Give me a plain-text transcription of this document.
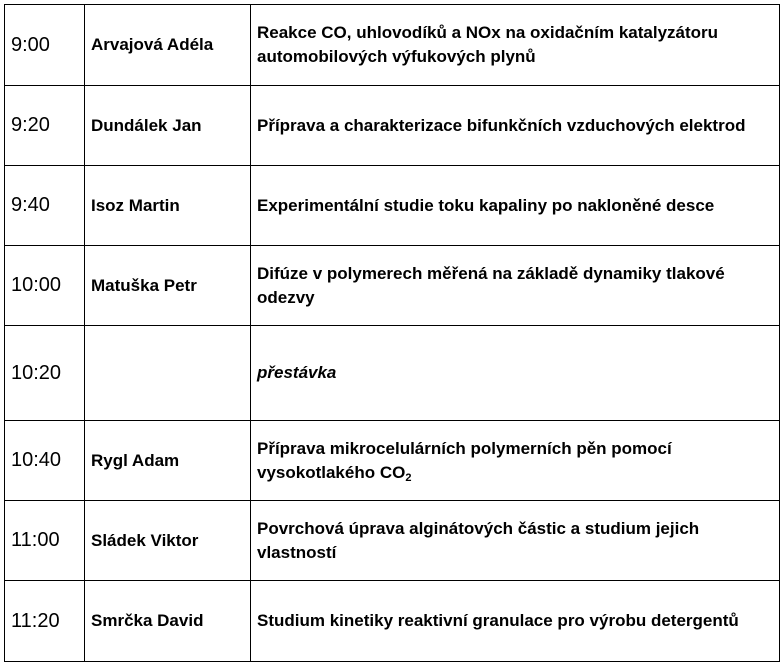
9:00	Arvajová Adéla	Reakce CO, uhlovodíků a NOx na oxidačním katalyzátoru automobilových výfukových plynů
9:20	Dundálek Jan	Příprava a charakterizace bifunkčních vzduchových elektrod
9:40	Isoz Martin	Experimentální studie toku kapaliny po nakloněné desce
10:00	Matuška Petr	Difúze v polymerech měřená na základě dynamiky tlakové odezvy
10:20		přestávka
10:40	Rygl Adam	Příprava mikrocelulárních polymerních pěn pomocí vysokotlakého $CO_2$
11:00	Sládek Viktor	Povrchová úprava alginátových částic a studium jejich vlastností
11:20	Smrčka David	Studium kinetiky reaktivní granulace pro výrobu detergentů
